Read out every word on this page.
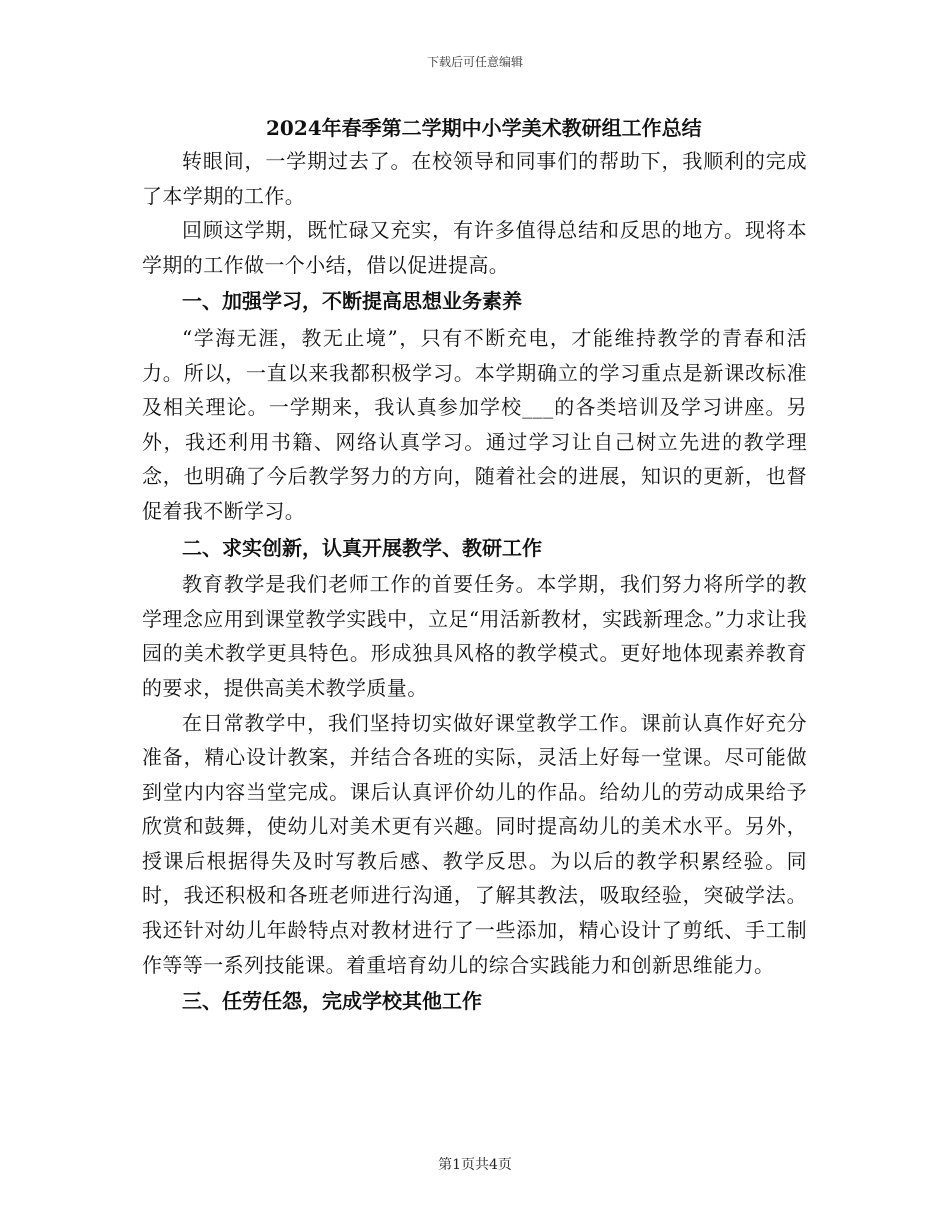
下载后可任意编辑

2024年春季第二学期中小学美术教研组工作总结

转眼间，一学期过去了。在校领导和同事们的帮助下，我顺利的完成了本学期的工作。

回顾这学期，既忙碌又充实，有许多值得总结和反思的地方。现将本学期的工作做一个小结，借以促进提高。

一、加强学习，不断提高思想业务素养

“学海无涯，教无止境”，只有不断充电，才能维持教学的青春和活力。所以，一直以来我都积极学习。本学期确立的学习重点是新课改标准及相关理论。一学期来，我认真参加学校___的各类培训及学习讲座。另外，我还利用书籍、网络认真学习。通过学习让自己树立先进的教学理念，也明确了今后教学努力的方向，随着社会的进展，知识的更新，也督促着我不断学习。

二、求实创新，认真开展教学、教研工作

教育教学是我们老师工作的首要任务。本学期，我们努力将所学的教学理念应用到课堂教学实践中，立足“用活新教材，实践新理念。”力求让我园的美术教学更具特色。形成独具风格的教学模式。更好地体现素养教育的要求，提供高美术教学质量。

在日常教学中，我们坚持切实做好课堂教学工作。课前认真作好充分准备，精心设计教案，并结合各班的实际，灵活上好每一堂课。尽可能做到堂内内容当堂完成。课后认真评价幼儿的作品。给幼儿的劳动成果给予欣赏和鼓舞，使幼儿对美术更有兴趣。同时提高幼儿的美术水平。另外，授课后根据得失及时写教后感、教学反思。为以后的教学积累经验。同时，我还积极和各班老师进行沟通，了解其教法，吸取经验，突破学法。我还针对幼儿年龄特点对教材进行了一些添加，精心设计了剪纸、手工制作等等一系列技能课。着重培育幼儿的综合实践能力和创新思维能力。

三、任劳任怨，完成学校其他工作

第1页共4页
